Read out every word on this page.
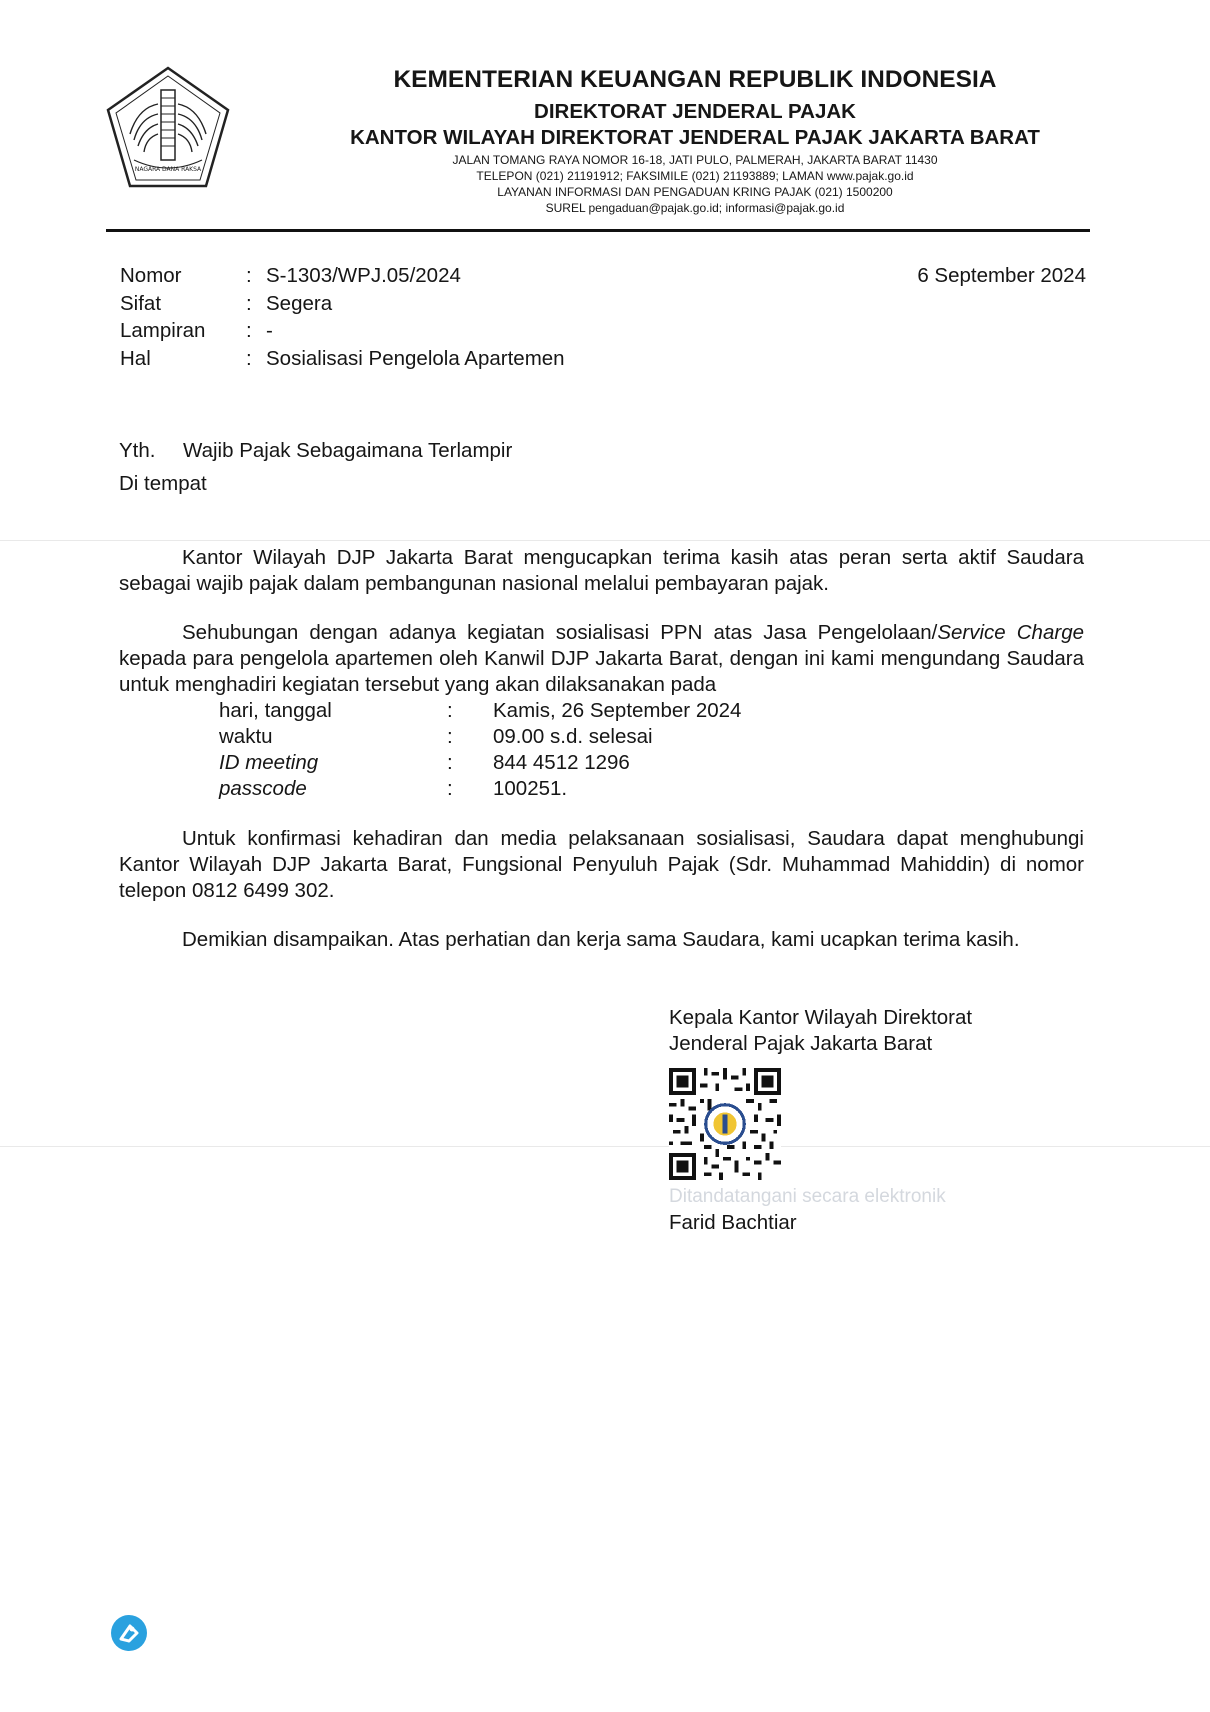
NAGARA DANA RAKSA
KEMENTERIAN KEUANGAN REPUBLIK INDONESIA
DIREKTORAT JENDERAL PAJAK
KANTOR WILAYAH DIREKTORAT JENDERAL PAJAK JAKARTA BARAT
JALAN TOMANG RAYA NOMOR 16-18, JATI PULO, PALMERAH, JAKARTA BARAT 11430
TELEPON (021) 21191912; FAKSIMILE (021) 21193889; LAMAN www.pajak.go.id
LAYANAN INFORMASI DAN PENGADUAN KRING PAJAK (021) 1500200
SUREL pengaduan@pajak.go.id; informasi@pajak.go.id
Nomor	: S-1303/WPJ.05/2024
Sifat	: Segera
Lampiran : -
Hal	: Sosialisasi Pengelola Apartemen
6 September 2024
Yth. Wajib Pajak Sebagaimana Terlampir
Di tempat
Kantor Wilayah DJP Jakarta Barat mengucapkan terima kasih atas peran serta aktif Saudara sebagai wajib pajak dalam pembangunan nasional melalui pembayaran pajak.
Sehubungan dengan adanya kegiatan sosialisasi PPN atas Jasa Pengelolaan/Service Charge kepada para pengelola apartemen oleh Kanwil DJP Jakarta Barat, dengan ini kami mengundang Saudara untuk menghadiri kegiatan tersebut yang akan dilaksanakan pada
hari, tanggal	: Kamis, 26 September 2024
waktu	: 09.00 s.d. selesai
ID meeting	: 844 4512 1296
passcode	: 100251.
Untuk konfirmasi kehadiran dan media pelaksanaan sosialisasi, Saudara dapat menghubungi Kantor Wilayah DJP Jakarta Barat, Fungsional Penyuluh Pajak (Sdr. Muhammad Mahiddin) di nomor telepon 0812 6499 302.
Demikian disampaikan. Atas perhatian dan kerja sama Saudara, kami ucapkan terima kasih.
Kepala Kantor Wilayah Direktorat
Jenderal Pajak Jakarta Barat
Ditandatangani secara elektronik
Farid Bachtiar
